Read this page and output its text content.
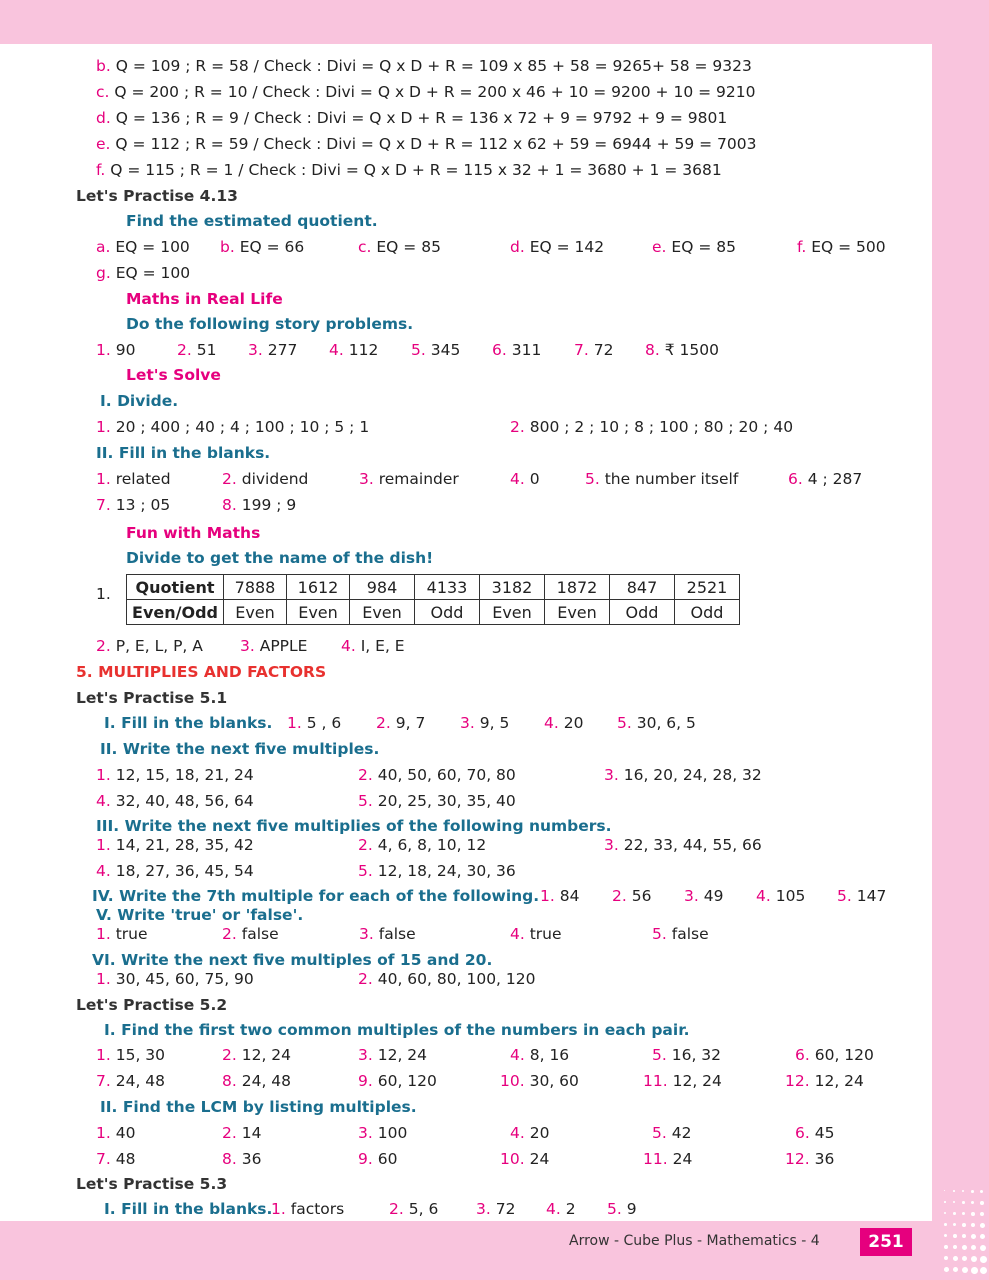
b. Q = 109 ; R = 58 / Check : Divi = Q x D + R = 109 x 85 + 58 = 9265+ 58 = 9323
c. Q = 200 ; R = 10 / Check : Divi = Q x D + R = 200 x 46 + 10 = 9200 + 10 = 9210
d. Q = 136 ; R = 9 / Check : Divi = Q x D + R = 136 x 72 + 9 = 9792 + 9 = 9801
e. Q = 112 ; R = 59 / Check : Divi = Q x D + R = 112 x 62 + 59 = 6944 + 59 = 7003
f. Q = 115 ; R = 1 / Check : Divi = Q x D + R = 115 x 32 + 1 = 3680 + 1 = 3681
Let's Practise 4.13
Find the estimated quotient.
a. EQ = 100 b. EQ = 66	c. EQ = 85	d. EQ = 142	e. EQ = 85	f. EQ = 500
g. EQ = 100
Maths in Real Life
Do the following story problems.
1. 90	2. 51 3. 277 4. 112 5. 345 6. 311 7. 72 8. ₹ 1500
Let's Solve
I. Divide.
1. 20 ; 400 ; 40 ; 4 ; 100 ; 10 ; 5 ; 1	2. 800 ; 2 ; 10 ; 8 ; 100 ; 80 ; 20 ; 40
II. Fill in the blanks.
1. related	2. dividend	3. remainder	4. 0	5. the number itself	6. 4 ; 287
7. 13 ; 05	8. 199 ; 9
Fun with Maths
Divide to get the name of the dish!
1. Quotient	7888	1612	984	4133	3182	1872	847	2521
Even/Odd	Even	Even	Even	Odd	Even	Even	Odd	Odd
2. P, E, L, P, A 3. APPLE 4. I, E, E
5. MULTIPLIES AND FACTORS
Let's Practise 5.1
I. Fill in the blanks. 1. 5 , 6 2. 9, 7 3. 9, 5 4. 20 5. 30, 6, 5
II. Write the next five multiples.
1. 12, 15, 18, 21, 24	2. 40, 50, 60, 70, 80	3. 16, 20, 24, 28, 32
4. 32, 40, 48, 56, 64	5. 20, 25, 30, 35, 40
III. Write the next five multiplies of the following numbers.
1. 14, 21, 28, 35, 42	2. 4, 6, 8, 10, 12	3. 22, 33, 44, 55, 66
4. 18, 27, 36, 45, 54	5. 12, 18, 24, 30, 36
IV. Write the 7th multiple for each of the following. 1. 84 2. 56 3. 49 4. 105 5. 147
V. Write 'true' or 'false'.
1. true	2. false	3. false	4. true	5. false
VI. Write the next five multiples of 15 and 20.
1. 30, 45, 60, 75, 90	2. 40, 60, 80, 100, 120
Let's Practise 5.2
I. Find the first two common multiples of the numbers in each pair.
1. 15, 30	2. 12, 24	3. 12, 24	4. 8, 16	5. 16, 32	6. 60, 120
7. 24, 48	8. 24, 48	9. 60, 120	10. 30, 60	11. 12, 24	12. 12, 24
II. Find the LCM by listing multiples.
1. 40	2. 14	3. 100	4. 20	5. 42	6. 45
7. 48	8. 36	9. 60	10. 24	11. 24	12. 36
Let's Practise 5.3
I. Fill in the blanks.
1. factors	2. 5, 6 3. 72 4. 2 5. 9
Arrow - Cube Plus - Mathematics - 4	251
